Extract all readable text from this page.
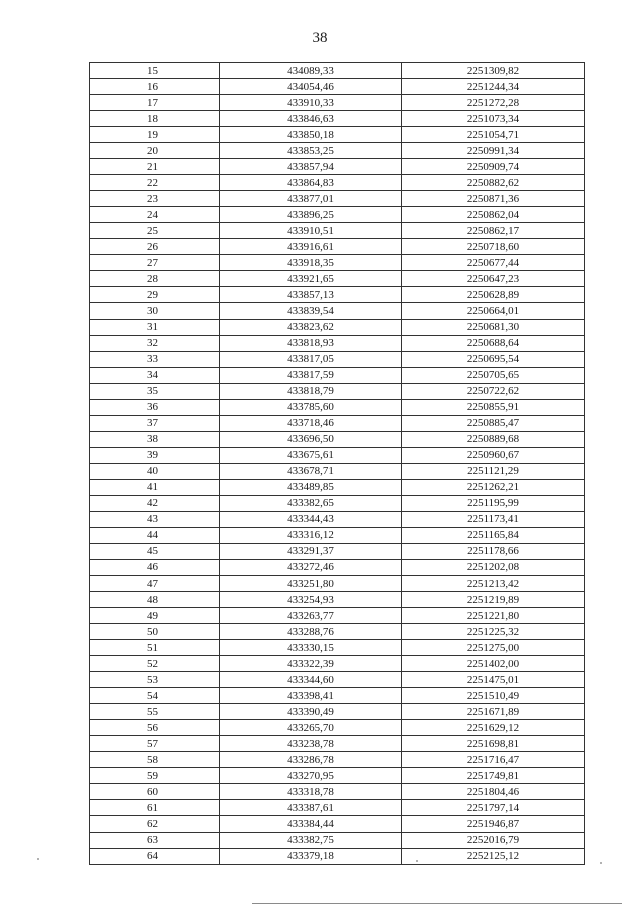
38
15	434089,33	2251309,82
16	434054,46	2251244,34
17	433910,33	2251272,28
18	433846,63	2251073,34
19	433850,18	2251054,71
20	433853,25	2250991,34
21	433857,94	2250909,74
22	433864,83	2250882,62
23	433877,01	2250871,36
24	433896,25	2250862,04
25	433910,51	2250862,17
26	433916,61	2250718,60
27	433918,35	2250677,44
28	433921,65	2250647,23
29	433857,13	2250628,89
30	433839,54	2250664,01
31	433823,62	2250681,30
32	433818,93	2250688,64
33	433817,05	2250695,54
34	433817,59	2250705,65
35	433818,79	2250722,62
36	433785,60	2250855,91
37	433718,46	2250885,47
38	433696,50	2250889,68
39	433675,61	2250960,67
40	433678,71	2251121,29
41	433489,85	2251262,21
42	433382,65	2251195,99
43	433344,43	2251173,41
44	433316,12	2251165,84
45	433291,37	2251178,66
46	433272,46	2251202,08
47	433251,80	2251213,42
48	433254,93	2251219,89
49	433263,77	2251221,80
50	433288,76	2251225,32
51	433330,15	2251275,00
52	433322,39	2251402,00
53	433344,60	2251475,01
54	433398,41	2251510,49
55	433390,49	2251671,89
56	433265,70	2251629,12
57	433238,78	2251698,81
58	433286,78	2251716,47
59	433270,95	2251749,81
60	433318,78	2251804,46
61	433387,61	2251797,14
62	433384,44	2251946,87
63	433382,75	2252016,79
64	433379,18	2252125,12
